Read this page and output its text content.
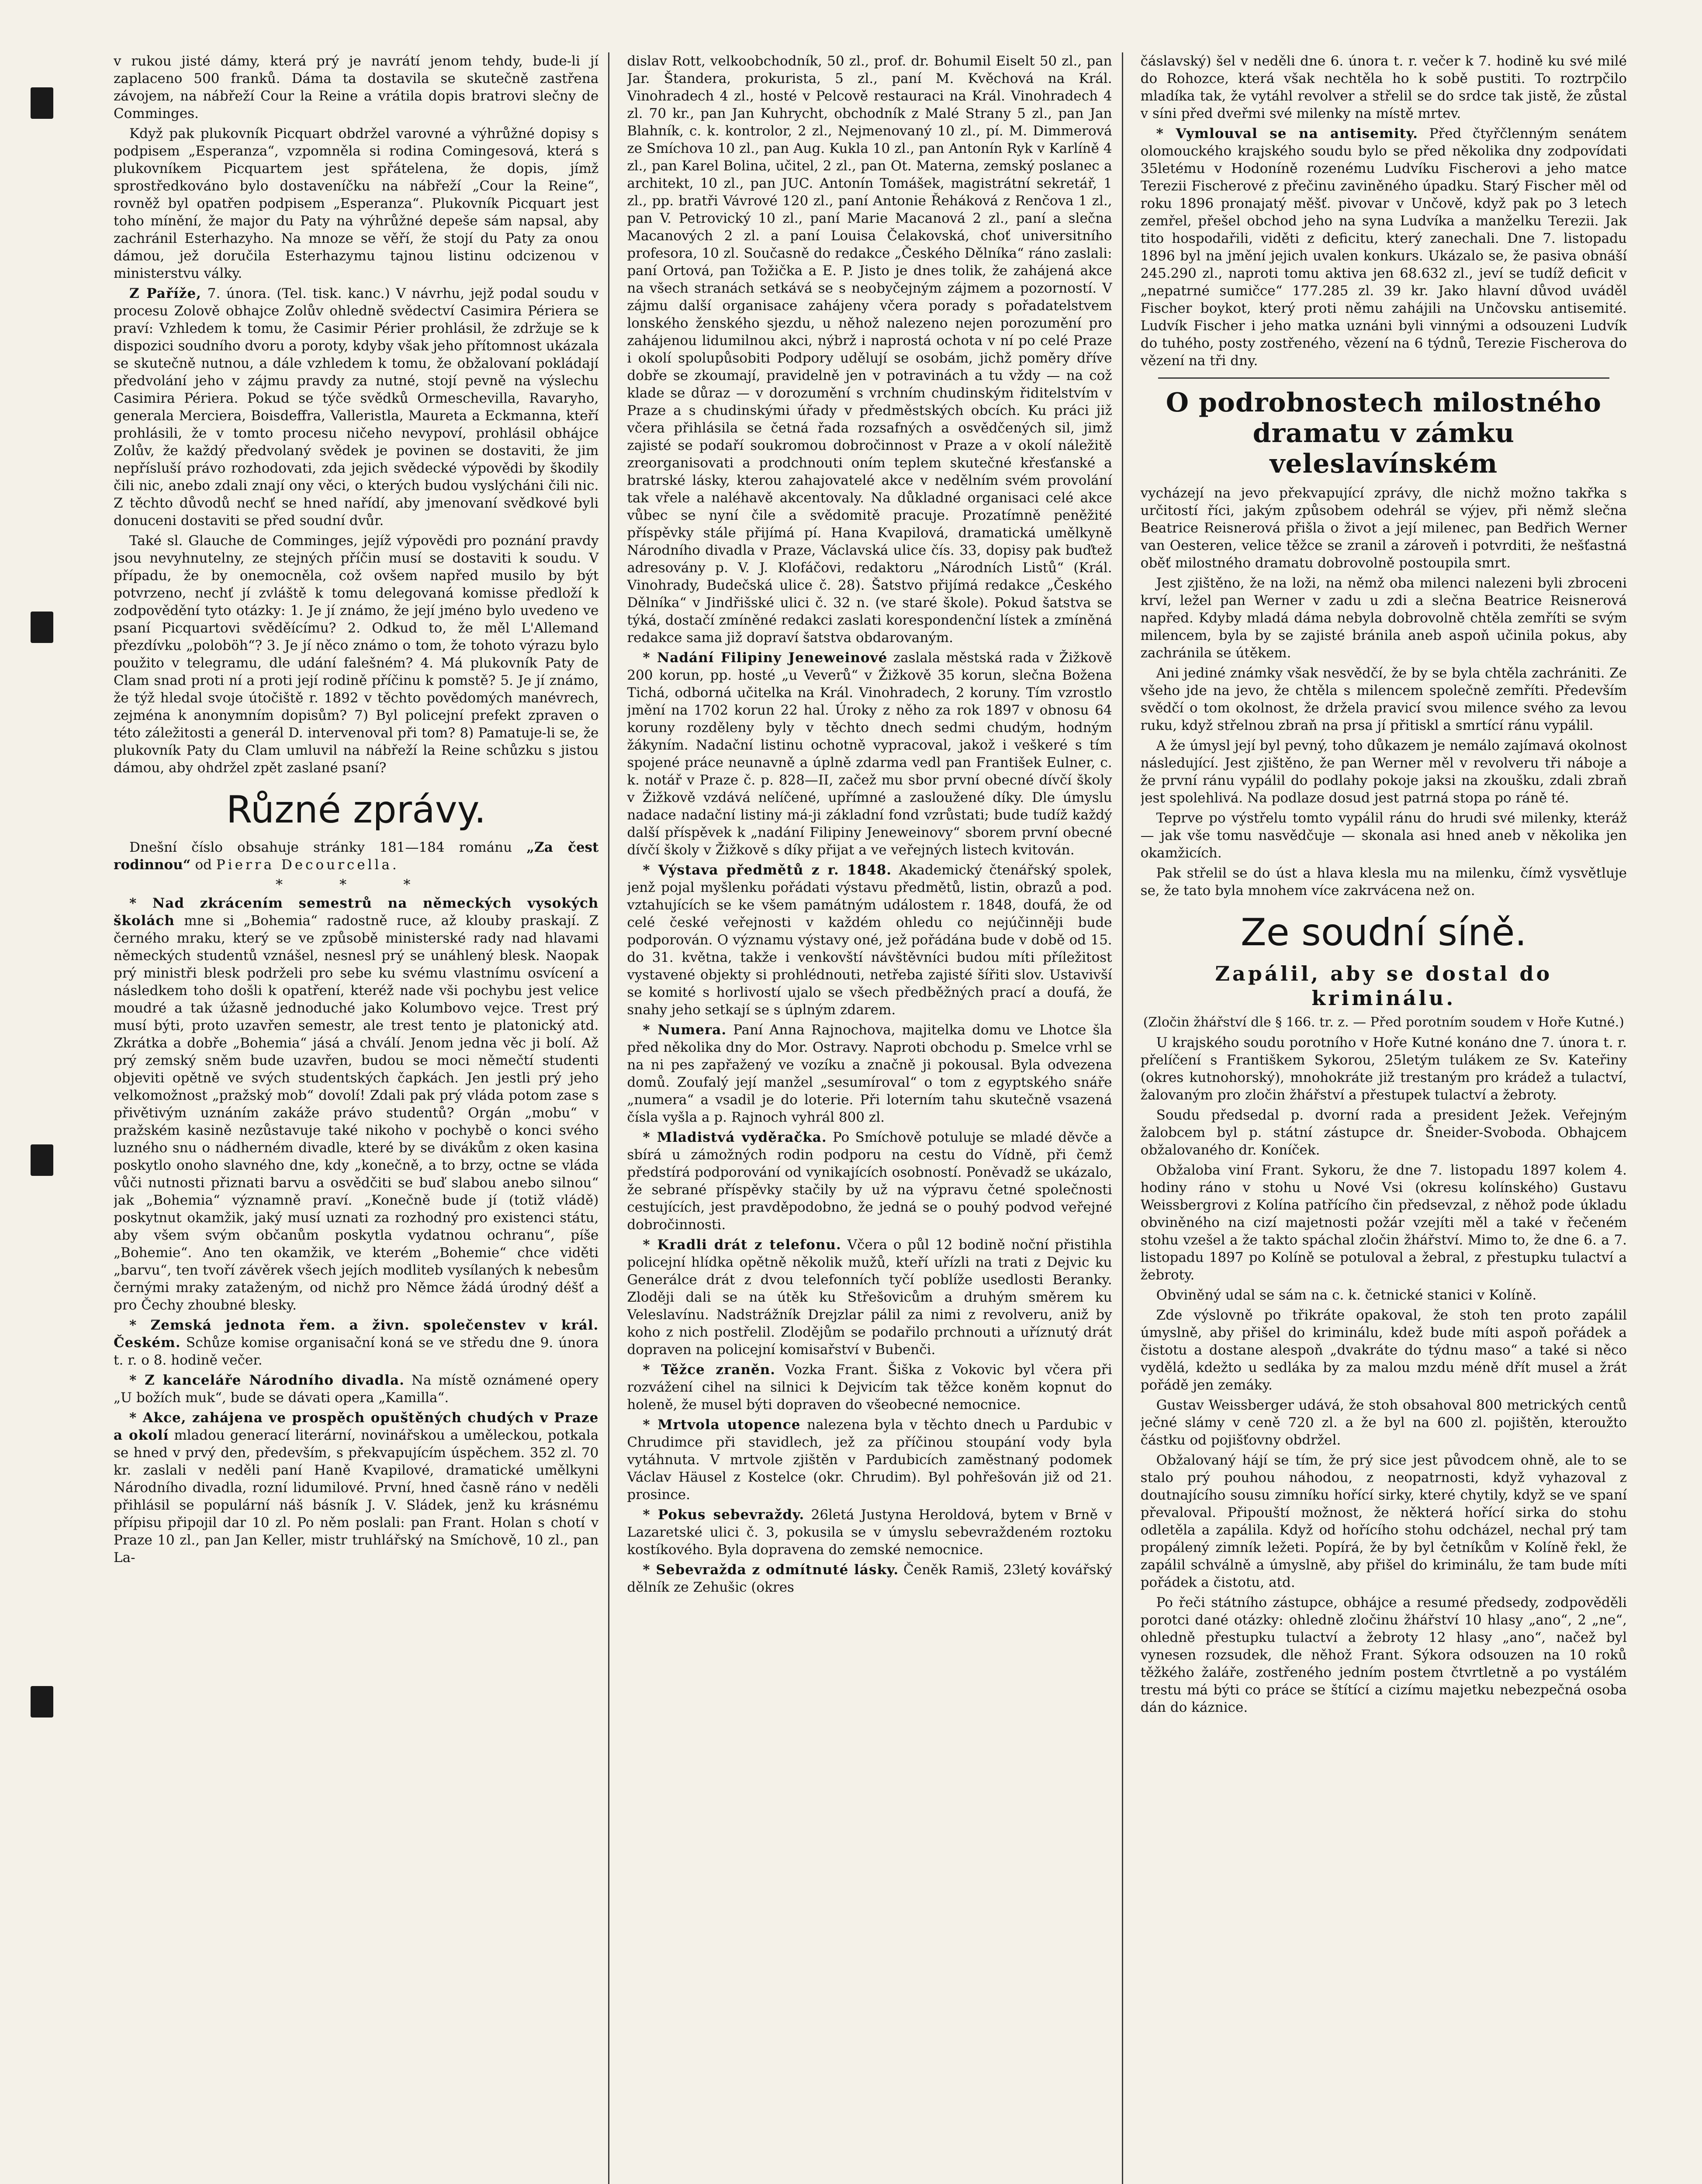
v rukou jisté dámy, která prý je navrátí jenom tehdy, bude-li jí zaplaceno 500 franků. Dáma ta dostavila se skutečně zastřena závojem, na nábřeží Cour la Reine a vrátila dopis bratrovi slečny de Comminges.

Když pak plukovník Picquart obdržel varovné a výhrůžné dopisy s podpisem „Esperanza“, vzpomněla si rodina Comingesová, která s plukovníkem Picquartem jest spřátelena, že dopis, jímž sprostředkováno bylo dostaveníčku na nábřeží „Cour la Reine“, rovněž byl opatřen podpisem „Esperanza“. Plukovník Picquart jest toho mínění, že major du Paty na výhrůžné depeše sám napsal, aby zachránil Esterhazyho. Na mnoze se věří, že stojí du Paty za onou dámou, jež doručila Esterhazymu tajnou listinu odcizenou v ministerstvu války.

Z Paříže, 7. února. (Tel. tisk. kanc.) V návrhu, jejž podal soudu v procesu Zolově obhajce Zolův ohledně svědectví Casimira Périera se praví: Vzhledem k tomu, že Casimir Périer prohlásil, že zdržuje se k dispozici soudního dvoru a poroty, kdyby však jeho přítomnost ukázala se skutečně nutnou, a dále vzhledem k tomu, že obžalovaní pokládají předvolání jeho v zájmu pravdy za nutné, stojí pevně na výslechu Casimira Périera. Pokud se týče svědků Ormeschevilla, Ravaryho, generala Merciera, Boisdeffra, Valleristla, Maureta a Eckmanna, kteří prohlásili, že v tomto procesu ničeho nevypoví, prohlásil obhájce Zolův, že každý předvolaný svědek je povinen se dostaviti, že jim nepřísluší právo rozhodovati, zda jejich svědecké výpovědi by škodily čili nic, anebo zdali znají ony věci, o kterých budou vyslýcháni čili nic. Z těchto důvodů nechť se hned nařídí, aby jmenovaní svědkové byli donuceni dostaviti se před soudní dvůr.

Také sl. Glauche de Comminges, jejíž výpovědi pro poznání pravdy jsou nevyhnutelny, ze stejných příčin musí se dostaviti k soudu. V případu, že by onemocněla, což ovšem napřed musilo by být potvrzeno, nechť jí zvláště k tomu delegovaná komisse předloží k zodpovědění tyto otázky: 1. Je jí známo, že její jméno bylo uvedeno ve psaní Picquartovi svěděícímu? 2. Odkud to, že měl L'Allemand přezdívku „poloböh“? 3. Je jí něco známo o tom, že tohoto výrazu bylo použito v telegramu, dle udání falešném? 4. Má plukovník Paty de Clam snad proti ní a proti její rodině příčinu k pomstě? 5. Je jí známo, že týž hledal svoje útočiště r. 1892 v těchto povědomých manévrech, zejména k anonymním dopisům? 7) Byl policejní prefekt zpraven o této záležitosti a generál D. intervenoval při tom? 8) Pamatuje-li se, že plukovník Paty du Clam umluvil na nábřeží la Reine schůzku s jistou dámou, aby ohdržel zpět zaslané psaní?

Různé zprávy.

Dnešní číslo obsahuje stránky 181—184 románu „Za čest rodinnou“ od Pierra Decourcella.

* * *

* Nad zkrácením semestrů na německých vysokých školách mne si „Bohemia“ radostně ruce, až klouby praskají. Z černého mraku, který se ve způsobě ministerské rady nad hlavami německých studentů vznášel, nesnesl prý se unáhlený blesk. Naopak prý ministři blesk podrželi pro sebe ku svému vlastnímu osvícení a následkem toho došli k opatření, kteréž nade vši pochybu jest velice moudré a tak úžasně jednoduché jako Kolumbovo vejce. Trest prý musí býti, proto uzavřen semestr, ale trest tento je platonický atd. Zkrátka a dobře „Bohemia“ jásá a chválí. Jenom jedna věc ji bolí. Až prý zemský sněm bude uzavřen, budou se moci němečtí studenti objeviti opětně ve svých studentských čapkách. Jen jestli prý jeho velkomožnost „pražský mob“ dovolí! Zdali pak prý vláda potom zase s přivětivým uznáním zakáže právo studentů? Orgán „mobu“ v pražském kasině nezůstavuje také nikoho v pochybě o konci svého luzného snu o nádherném divadle, které by se divákům z oken kasina poskytlo onoho slavného dne, kdy „konečně, a to brzy, octne se vláda vůči nutnosti přiznati barvu a osvědčiti se buď slabou anebo silnou“ jak „Bohemia“ významně praví. „Konečně bude jí (totiž vládě) poskytnut okamžik, jaký musí uznati za rozhodný pro existenci státu, aby všem svým občanům poskytla vydatnou ochranu“, píše „Bohemie“. Ano ten okamžik, ve kterém „Bohemie“ chce viděti „barvu“, ten tvoří závěrek všech jejích modliteb vysílaných k nebesům černými mraky zataženým, od nichž pro Němce žádá úrodný déšť a pro Čechy zhoubné blesky.

* Zemská jednota řem. a živn. společenstev v král. Českém. Schůze komise organisační koná se ve středu dne 9. února t. r. o 8. hodině večer.

* Z kanceláře Národního divadla. Na místě oznámené opery „U božích muk“, bude se dávati opera „Kamilla“.

* Akce, zahájena ve prospěch opuštěných chudých v Praze a okolí mladou generací literární, novinářskou a uměleckou, potkala se hned v prvý den, především, s překvapujícím úspěchem. 352 zl. 70 kr. zaslali v neděli paní Haně Kvapilové, dramatické umělkyni Národního divadla, rozní lidumilové. První, hned časně ráno v neděli přihlásil se populární náš básník J. V. Sládek, jenž ku krásnému přípisu připojil dar 10 zl. Po něm poslali: pan Frant. Holan s chotí v Praze 10 zl., pan Jan Keller, mistr truhlářský na Smíchově, 10 zl., pan La-

dislav Rott, velkoobchodník, 50 zl., prof. dr. Bohumil Eiselt 50 zl., pan Jar. Štandera, prokurista, 5 zl., paní M. Kvěchová na Král. Vinohradech 4 zl., hosté v Pelcově restauraci na Král. Vinohradech 4 zl. 70 kr., pan Jan Kuhrycht, obchodník z Malé Strany 5 zl., pan Jan Blahník, c. k. kontrolor, 2 zl., Nejmenovaný 10 zl., pí. M. Dimmerová ze Smíchova 10 zl., pan Aug. Kukla 10 zl., pan Antonín Ryk v Karlíně 4 zl., pan Karel Bolina, učitel, 2 zl., pan Ot. Materna, zemský poslanec a architekt, 10 zl., pan JUC. Antonín Tomášek, magistrátní sekretář, 1 zl., pp. bratři Vávrové 120 zl., paní Antonie Řeháková z Renčova 1 zl., pan V. Petrovický 10 zl., paní Marie Macanová 2 zl., paní a slečna Macanových 2 zl. a paní Louisa Čelakovská, choť universitního profesora, 10 zl. Současně do redakce „Českého Dělníka“ ráno zaslali: paní Ortová, pan Tožička a E. P. Jisto je dnes tolik, že zahájená akce na všech stranách setkává se s neobyčejným zájmem a pozorností. V zájmu další organisace zahájeny včera porady s pořadatelstvem lonského ženského sjezdu, u něhož nalezeno nejen porozumění pro zahájenou lidumilnou akci, nýbrž i naprostá ochota v ní po celé Praze i okolí spolupůsobiti Podpory udělují se osobám, jichž poměry dříve dobře se zkoumají, pravidelně jen v potravinách a tu vždy — na což klade se důraz — v dorozumění s vrchním chudinským řiditelstvím v Praze a s chudinskými úřady v předměstských obcích. Ku práci již včera přihlásila se četná řada rozsafných a osvědčených sil, jimž zajisté se podaří soukromou dobročinnost v Praze a v okolí náležitě zreorganisovati a prodchnouti oním teplem skutečné křesťanské a bratrské lásky, kterou zahajovatelé akce v nedělním svém provolání tak vřele a naléhavě akcentovaly. Na důkladné organisaci celé akce vůbec se nyní čile a svědomitě pracuje. Prozatímně peněžité příspěvky stále přijímá pí. Hana Kvapilová, dramatická umělkyně Národního divadla v Praze, Václavská ulice čís. 33, dopisy pak buďtež adresovány p. V. J. Klofáčovi, redaktoru „Národních Listů“ (Král. Vinohrady, Budečská ulice č. 28). Šatstvo přijímá redakce „Českého Dělníka“ v Jindřišské ulici č. 32 n. (ve staré škole). Pokud šatstva se týká, dostačí zmíněné redakci zaslati korespondenční lístek a zmíněná redakce sama již dopraví šatstva obdarovaným.

* Nadání Filipiny Jeneweinové zaslala městská rada v Žižkově 200 korun, pp. hosté „u Veverů“ v Žižkově 35 korun, slečna Božena Tichá, odborná učitelka na Král. Vinohradech, 2 koruny. Tím vzrostlo jmění na 1702 korun 22 hal. Úroky z něho za rok 1897 v obnosu 64 koruny rozděleny byly v těchto dnech sedmi chudým, hodným žákyním. Nadační listinu ochotně vypracoval, jakož i veškeré s tím spojené práce neunavně a úplně zdarma vedl pan František Eulner, c. k. notář v Praze č. p. 828—II, začež mu sbor první obecné dívčí školy v Žižkově vzdává nelíčené, upřímné a zasloužené díky. Dle úmyslu nadace nadační listiny má-ji základní fond vzrůstati; bude tudíž každý další příspěvek k „nadání Filipiny Jeneweinovy“ sborem první obecné dívčí školy v Žižkově s díky přijat a ve veřejných listech kvitován.

* Výstava předmětů z r. 1848. Akademický čtenářský spolek, jenž pojal myšlenku pořádati výstavu předmětů, listin, obrazů a pod. vztahujících se ke všem památným událostem r. 1848, doufá, že od celé české veřejnosti v každém ohledu co nejúčinněji bude podporován. O významu výstavy oné, jež pořádána bude v době od 15. do 31. května, takže i venkovští návštěvníci budou míti příležitost vystavené objekty si prohlédnouti, netřeba zajisté šířiti slov. Ustavivší se komité s horlivostí ujalo se všech předběžných prací a doufá, že snahy jeho setkají se s úplným zdarem.

* Numera. Paní Anna Rajnochova, majitelka domu ve Lhotce šla před několika dny do Mor. Ostravy. Naproti obchodu p. Smelce vrhl se na ni pes zapřažený ve vozíku a značně ji pokousal. Byla odvezena domů. Zoufalý její manžel „sesumíroval“ o tom z egyptského snáře „numera“ a vsadil je do loterie. Při loterním tahu skutečně vsazená čísla vyšla a p. Rajnoch vyhrál 800 zl.

* Mladistvá vyděračka. Po Smíchově potuluje se mladé děvče a sbírá u zámožných rodin podporu na cestu do Vídně, při čemž předstírá podporování od vynikajících osobností. Poněvadž se ukázalo, že sebrané příspěvky stačily by už na výpravu četné společnosti cestujících, jest pravděpodobno, že jedná se o pouhý podvod veřejné dobročinnosti.

* Kradli drát z telefonu. Včera o půl 12 bodině noční přistihla policejní hlídka opětně několik mužů, kteří uřízli na trati z Dejvic ku Generálce drát z dvou telefonních tyčí poblíže usedlosti Beranky. Zloději dali se na útěk ku Střešovicům a druhým směrem ku Veleslavínu. Nadstrážník Drejzlar pálil za nimi z revolveru, aniž by koho z nich postřelil. Zlodějům se podařilo prchnouti a uříznutý drát dopraven na policejní komisařství v Bubenči.

* Těžce zraněn. Vozka Frant. Šiška z Vokovic byl včera při rozvážení cihel na silnici k Dejvicím tak těžce koněm kopnut do holeně, že musel býti dopraven do všeobecné nemocnice.

* Mrtvola utopence nalezena byla v těchto dnech u Pardubic v Chrudimce při stavidlech, jež za příčinou stoupání vody byla vytáhnuta. V mrtvole zjištěn v Pardubicích zaměstnaný podomek Václav Häusel z Kostelce (okr. Chrudim). Byl pohřešován již od 21. prosince.

* Pokus sebevraždy. 26letá Justyna Heroldová, bytem v Brně v Lazaretské ulici č. 3, pokusila se v úmyslu sebevraždeném roztoku kostíkového. Byla dopravena do zemské nemocnice.

* Sebevražda z odmítnuté lásky. Čeněk Ramiš, 23letý kovářský dělník ze Zehušic (okres

čáslavský) šel v neděli dne 6. února t. r. večer k 7. hodině ku své milé do Rohozce, která však nechtěla ho k sobě pustiti. To roztrpčilo mladíka tak, že vytáhl revolver a střelil se do srdce tak jistě, že zůstal v síni před dveřmi své milenky na místě mrtev.

* Vymlouval se na antisemity. Před čtyřčlenným senátem olomouckého krajského soudu bylo se před několika dny zodpovídati 35letému v Hodoníně rozenému Ludvíku Fischerovi a jeho matce Terezii Fischerové z přečinu zaviněného úpadku. Starý Fischer měl od roku 1896 pronajatý měšť. pivovar v Unčově, když pak po 3 letech zemřel, přešel obchod jeho na syna Ludvíka a manželku Terezii. Jak tito hospodařili, viděti z deficitu, který zanechali. Dne 7. listopadu 1896 byl na jmění jejich uvalen konkurs. Ukázalo se, že pasiva obnáší 245.290 zl., naproti tomu aktiva jen 68.632 zl., jeví se tudíž deficit v „nepatrné sumičce“ 177.285 zl. 39 kr. Jako hlavní důvod uváděl Fischer boykot, který proti němu zahájili na Unčovsku antisemité. Ludvík Fischer i jeho matka uznáni byli vinnými a odsouzeni Ludvík do tuhého, posty zostřeného, vězení na 6 týdnů, Terezie Fischerova do vězení na tři dny.

O podrobnostech milostného dramatu v zámku veleslavínském

vycházejí na jevo překvapující zprávy, dle nichž možno takřka s určitostí říci, jakým způsobem odehrál se výjev, při němž slečna Beatrice Reisnerová přišla o život a její milenec, pan Bedřich Werner van Oesteren, velice těžce se zranil a zároveň i potvrditi, že nešťastná oběť milostného dramatu dobrovolně postoupila smrt.

Jest zjištěno, že na loži, na němž oba milenci nalezeni byli zbroceni krví, ležel pan Werner v zadu u zdi a slečna Beatrice Reisnerová napřed. Kdyby mladá dáma nebyla dobrovolně chtěla zemříti se svým milencem, byla by se zajisté bránila aneb aspoň učinila pokus, aby zachránila se útěkem.

Ani jediné známky však nesvědčí, že by se byla chtěla zachrániti. Ze všeho jde na jevo, že chtěla s milencem společně zemříti. Především svědčí o tom okolnost, že držela pravicí svou milence svého za levou ruku, když střelnou zbraň na prsa jí přitiskl a smrtící ránu vypálil.

A že úmysl její byl pevný, toho důkazem je nemálo zajímavá okolnost následující. Jest zjištěno, že pan Werner měl v revolveru tři náboje a že první ránu vypálil do podlahy pokoje jaksi na zkoušku, zdali zbraň jest spolehlivá. Na podlaze dosud jest patrná stopa po ráně té.

Teprve po výstřelu tomto vypálil ránu do hrudi své milenky, kteráž — jak vše tomu nasvědčuje — skonala asi hned aneb v několika jen okamžicích.

Pak střelil se do úst a hlava klesla mu na milenku, čímž vysvětluje se, že tato byla mnohem více zakrvácena než on.

Ze soudní síně.
Zapálil, aby se dostal do kriminálu.

(Zločin žhářství dle § 166. tr. z. — Před porotním soudem v Hoře Kutné.)

U krajského soudu porotního v Hoře Kutné konáno dne 7. února t. r. přelíčení s Františkem Sykorou, 25letým tulákem ze Sv. Kateřiny (okres kutnohorský), mnohokráte již trestaným pro krádež a tulactví, žalovaným pro zločin žhářství a přestupek tulactví a žebroty.

Soudu předsedal p. dvorní rada a president Ježek. Veřejným žalobcem byl p. státní zástupce dr. Šneider-Svoboda. Obhajcem obžalovaného dr. Koníček.

Obžaloba viní Frant. Sykoru, že dne 7. listopadu 1897 kolem 4. hodiny ráno v stohu u Nové Vsi (okresu kolínského) Gustavu Weissbergrovi z Kolína patřícího čin předsevzal, z něhož pode úkladu obviněného na cizí majetnosti požár vzejíti měl a také v řečeném stohu vzešel a že takto spáchal zločin žhářství. Mimo to, že dne 6. a 7. listopadu 1897 po Kolíně se potuloval a žebral, z přestupku tulactví a žebroty.

Obviněný udal se sám na c. k. četnické stanici v Kolíně.

Zde výslovně po třikráte opakoval, že stoh ten proto zapálil úmyslně, aby přišel do kriminálu, kdež bude míti aspoň pořádek a čistotu a dostane alespoň „dvakráte do týdnu maso“ a také si něco vydělá, kdežto u sedláka by za malou mzdu méně dřít musel a žrát pořádě jen zemáky.

Gustav Weissberger udává, že stoh obsahoval 800 metrických centů ječné slámy v ceně 720 zl. a že byl na 600 zl. pojištěn, kteroužto částku od pojišťovny obdržel.

Obžalovaný hájí se tím, že prý sice jest původcem ohně, ale to se stalo prý pouhou náhodou, z neopatrnosti, když vyhazoval z doutnajícího sousu zimníku hořící sirky, které chytily, když se ve spaní převaloval. Připouští možnost, že některá hořící sirka do stohu odletěla a zapálila. Když od hořícího stohu odcházel, nechal prý tam propálený zimník ležeti. Popírá, že by byl četníkům v Kolíně řekl, že zapálil schválně a úmyslně, aby přišel do kriminálu, že tam bude míti pořádek a čistotu, atd.

Po řeči státního zástupce, obhájce a resumé předsedy, zodpověděli porotci dané otázky: ohledně zločinu žhářství 10 hlasy „ano“, 2 „ne“, ohledně přestupku tulactví a žebroty 12 hlasy „ano“, načež byl vynesen rozsudek, dle něhož Frant. Sýkora odsouzen na 10 roků těžkého žaláře, zostřeného jedním postem čtvrtletně a po vystálém trestu má býti co práce se štítící a cizímu majetku nebezpečná osoba dán do káznice.
